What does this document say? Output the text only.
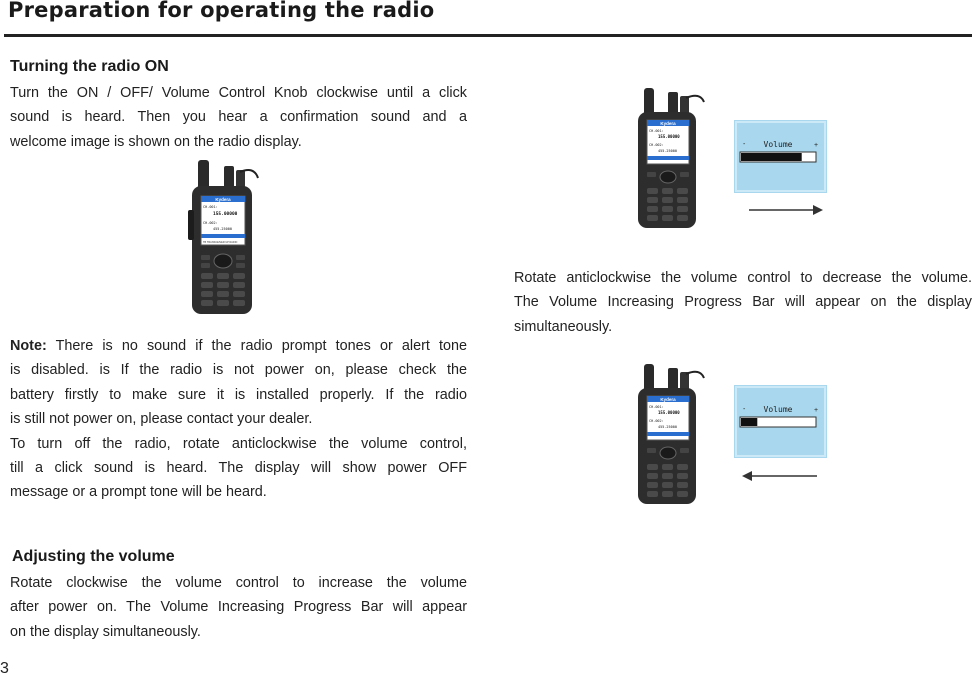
Preparation for operating the radio
Turning the radio ON
Turn the ON / OFF/ Volume Control Knob clockwise until a click
sound is heard. Then you hear a confirmation sound and a
welcome image is shown on the radio display.
Kydera
CH-001:
155.00000
CH-002:
455.25000
TB TRANSCEIVER UP RADIO
Note: There is no sound if the radio prompt tones or alert tone
is disabled. is If the radio is not power on, please check the
battery firstly to make sure it is installed properly. If the radio
is still not power on, please contact your dealer.
To turn off the radio, rotate anticlockwise the volume control,
till a click sound is heard. The display will show power OFF
message or a prompt tone will be heard.
Adjusting the volume
Rotate clockwise the volume control to increase the volume
after power on. The Volume Increasing Progress Bar will appear
on the display simultaneously.
Kydera
CH-001:
155.00000
CH-002:
455.25000
Volume
-	+
Rotate anticlockwise the volume control to decrease the volume.
The Volume Increasing Progress Bar will appear on the display
simultaneously.
Kydera
CH-001:
155.00000
CH-002:
455.25000
Volume
-	+
3
